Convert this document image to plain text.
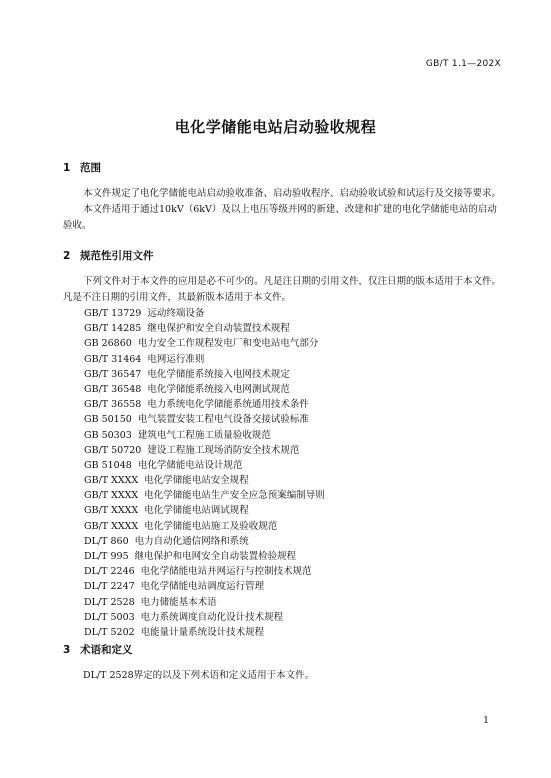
GB/T 1.1—202X
电化学储能电站启动验收规程
1 范围
本文件规定了电化学储能电站启动验收准备、启动验收程序、启动验收试验和试运行及交接等要求。
本文件适用于通过10kV（6kV）及以上电压等级并网的新建、改建和扩建的电化学储能电站的启动
验收。
2 规范性引用文件
下列文件对于本文件的应用是必不可少的。凡是注日期的引用文件，仅注日期的版本适用于本文件。
凡是不注日期的引用文件，其最新版本适用于本文件。
GB/T 13729 远动终端设备
GB/T 14285 继电保护和安全自动装置技术规程
GB 26860 电力安全工作规程发电厂和变电站电气部分
GB/T 31464 电网运行准则
GB/T 36547 电化学储能系统接入电网技术规定
GB/T 36548 电化学储能系统接入电网测试规范
GB/T 36558 电力系统电化学储能系统通用技术条件
GB 50150 电气装置安装工程电气设备交接试验标准
GB 50303 建筑电气工程施工质量验收规范
GB/T 50720 建设工程施工现场消防安全技术规范
GB 51048 电化学储能电站设计规范
GB/T XXXX 电化学储能电站安全规程
GB/T XXXX 电化学储能电站生产安全应急预案编制导则
GB/T XXXX 电化学储能电站调试规程
GB/T XXXX 电化学储能电站施工及验收规范
DL/T 860 电力自动化通信网络和系统
DL/T 995 继电保护和电网安全自动装置检验规程
DL/T 2246 电化学储能电站并网运行与控制技术规范
DL/T 2247 电化学储能电站调度运行管理
DL/T 2528 电力储能基本术语
DL/T 5003 电力系统调度自动化设计技术规程
DL/T 5202 电能量计量系统设计技术规程
3 术语和定义
DL/T 2528界定的以及下列术语和定义适用于本文件。
1
